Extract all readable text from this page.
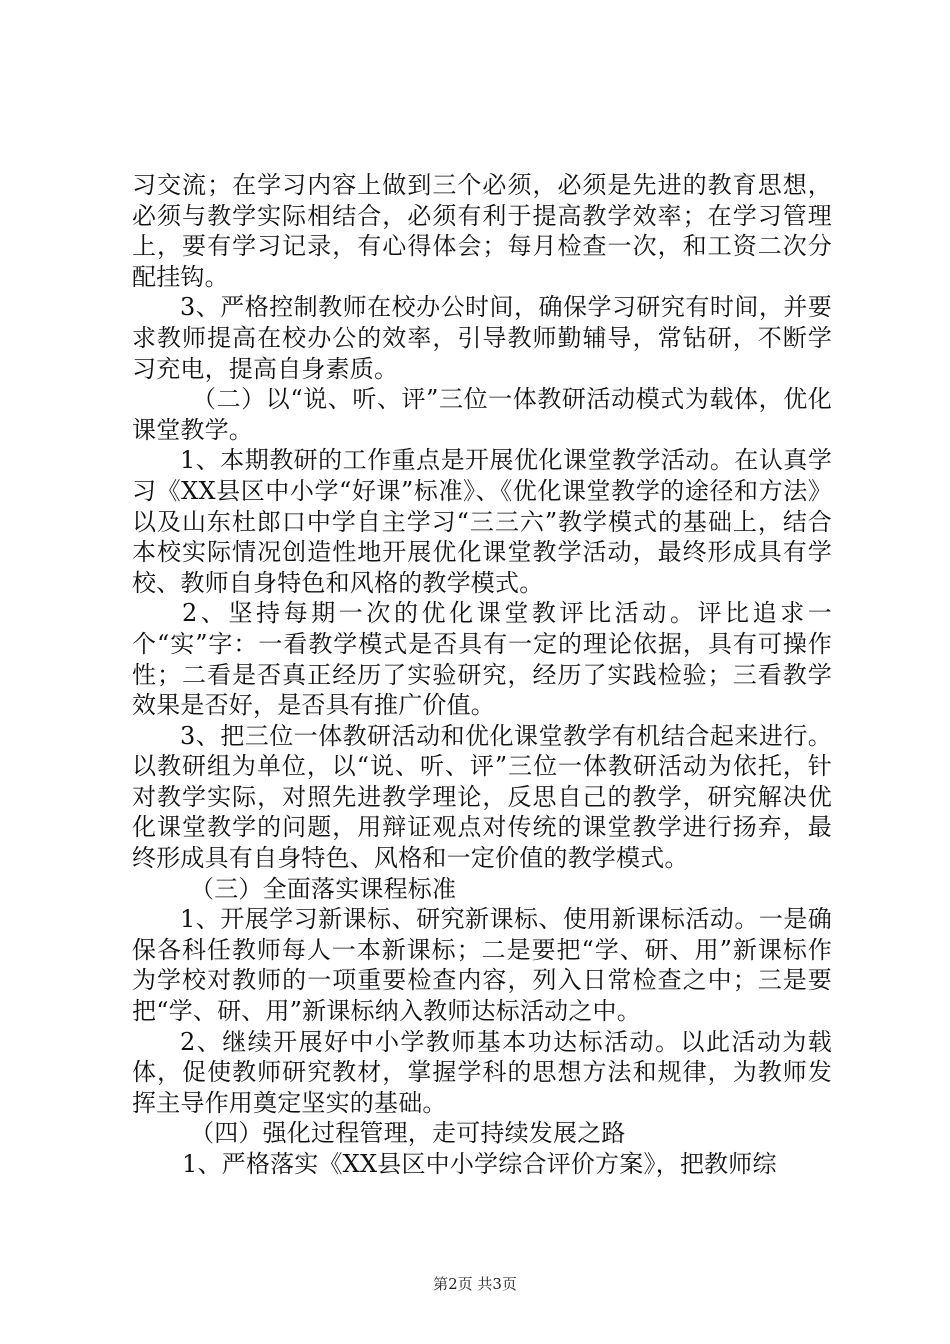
习交流；在学习内容上做到三个必须，必须是先进的教育思想，必须与教学实际相结合，必须有利于提高教学效率；在学习管理上，要有学习记录，有心得体会；每月检查一次，和工资二次分配挂钩。

3、严格控制教师在校办公时间，确保学习研究有时间，并要求教师提高在校办公的效率，引导教师勤辅导，常钻研，不断学习充电，提高自身素质。

（二）以“说、听、评”三位一体教研活动模式为载体，优化课堂教学。

1、本期教研的工作重点是开展优化课堂教学活动。在认真学习《XX县区中小学“好课”标准》、《优化课堂教学的途径和方法》以及山东杜郎口中学自主学习“三三六”教学模式的基础上，结合本校实际情况创造性地开展优化课堂教学活动，最终形成具有学校、教师自身特色和风格的教学模式。

2、坚持每期一次的优化课堂教评比活动。评比追求一个“实”字：一看教学模式是否具有一定的理论依据，具有可操作性；二看是否真正经历了实验研究，经历了实践检验；三看教学效果是否好，是否具有推广价值。

3、把三位一体教研活动和优化课堂教学有机结合起来进行。以教研组为单位，以“说、听、评”三位一体教研活动为依托，针对教学实际，对照先进教学理论，反思自己的教学，研究解决优化课堂教学的问题，用辩证观点对传统的课堂教学进行扬弃，最终形成具有自身特色、风格和一定价值的教学模式。

（三）全面落实课程标准

1、开展学习新课标、研究新课标、使用新课标活动。一是确保各科任教师每人一本新课标；二是要把“学、研、用”新课标作为学校对教师的一项重要检查内容，列入日常检查之中；三是要把“学、研、用”新课标纳入教师达标活动之中。

2、继续开展好中小学教师基本功达标活动。以此活动为载体，促使教师研究教材，掌握学科的思想方法和规律，为教师发挥主导作用奠定坚实的基础。

（四）强化过程管理，走可持续发展之路

1、严格落实《XX县区中小学综合评价方案》，把教师综

第2页 共3页
